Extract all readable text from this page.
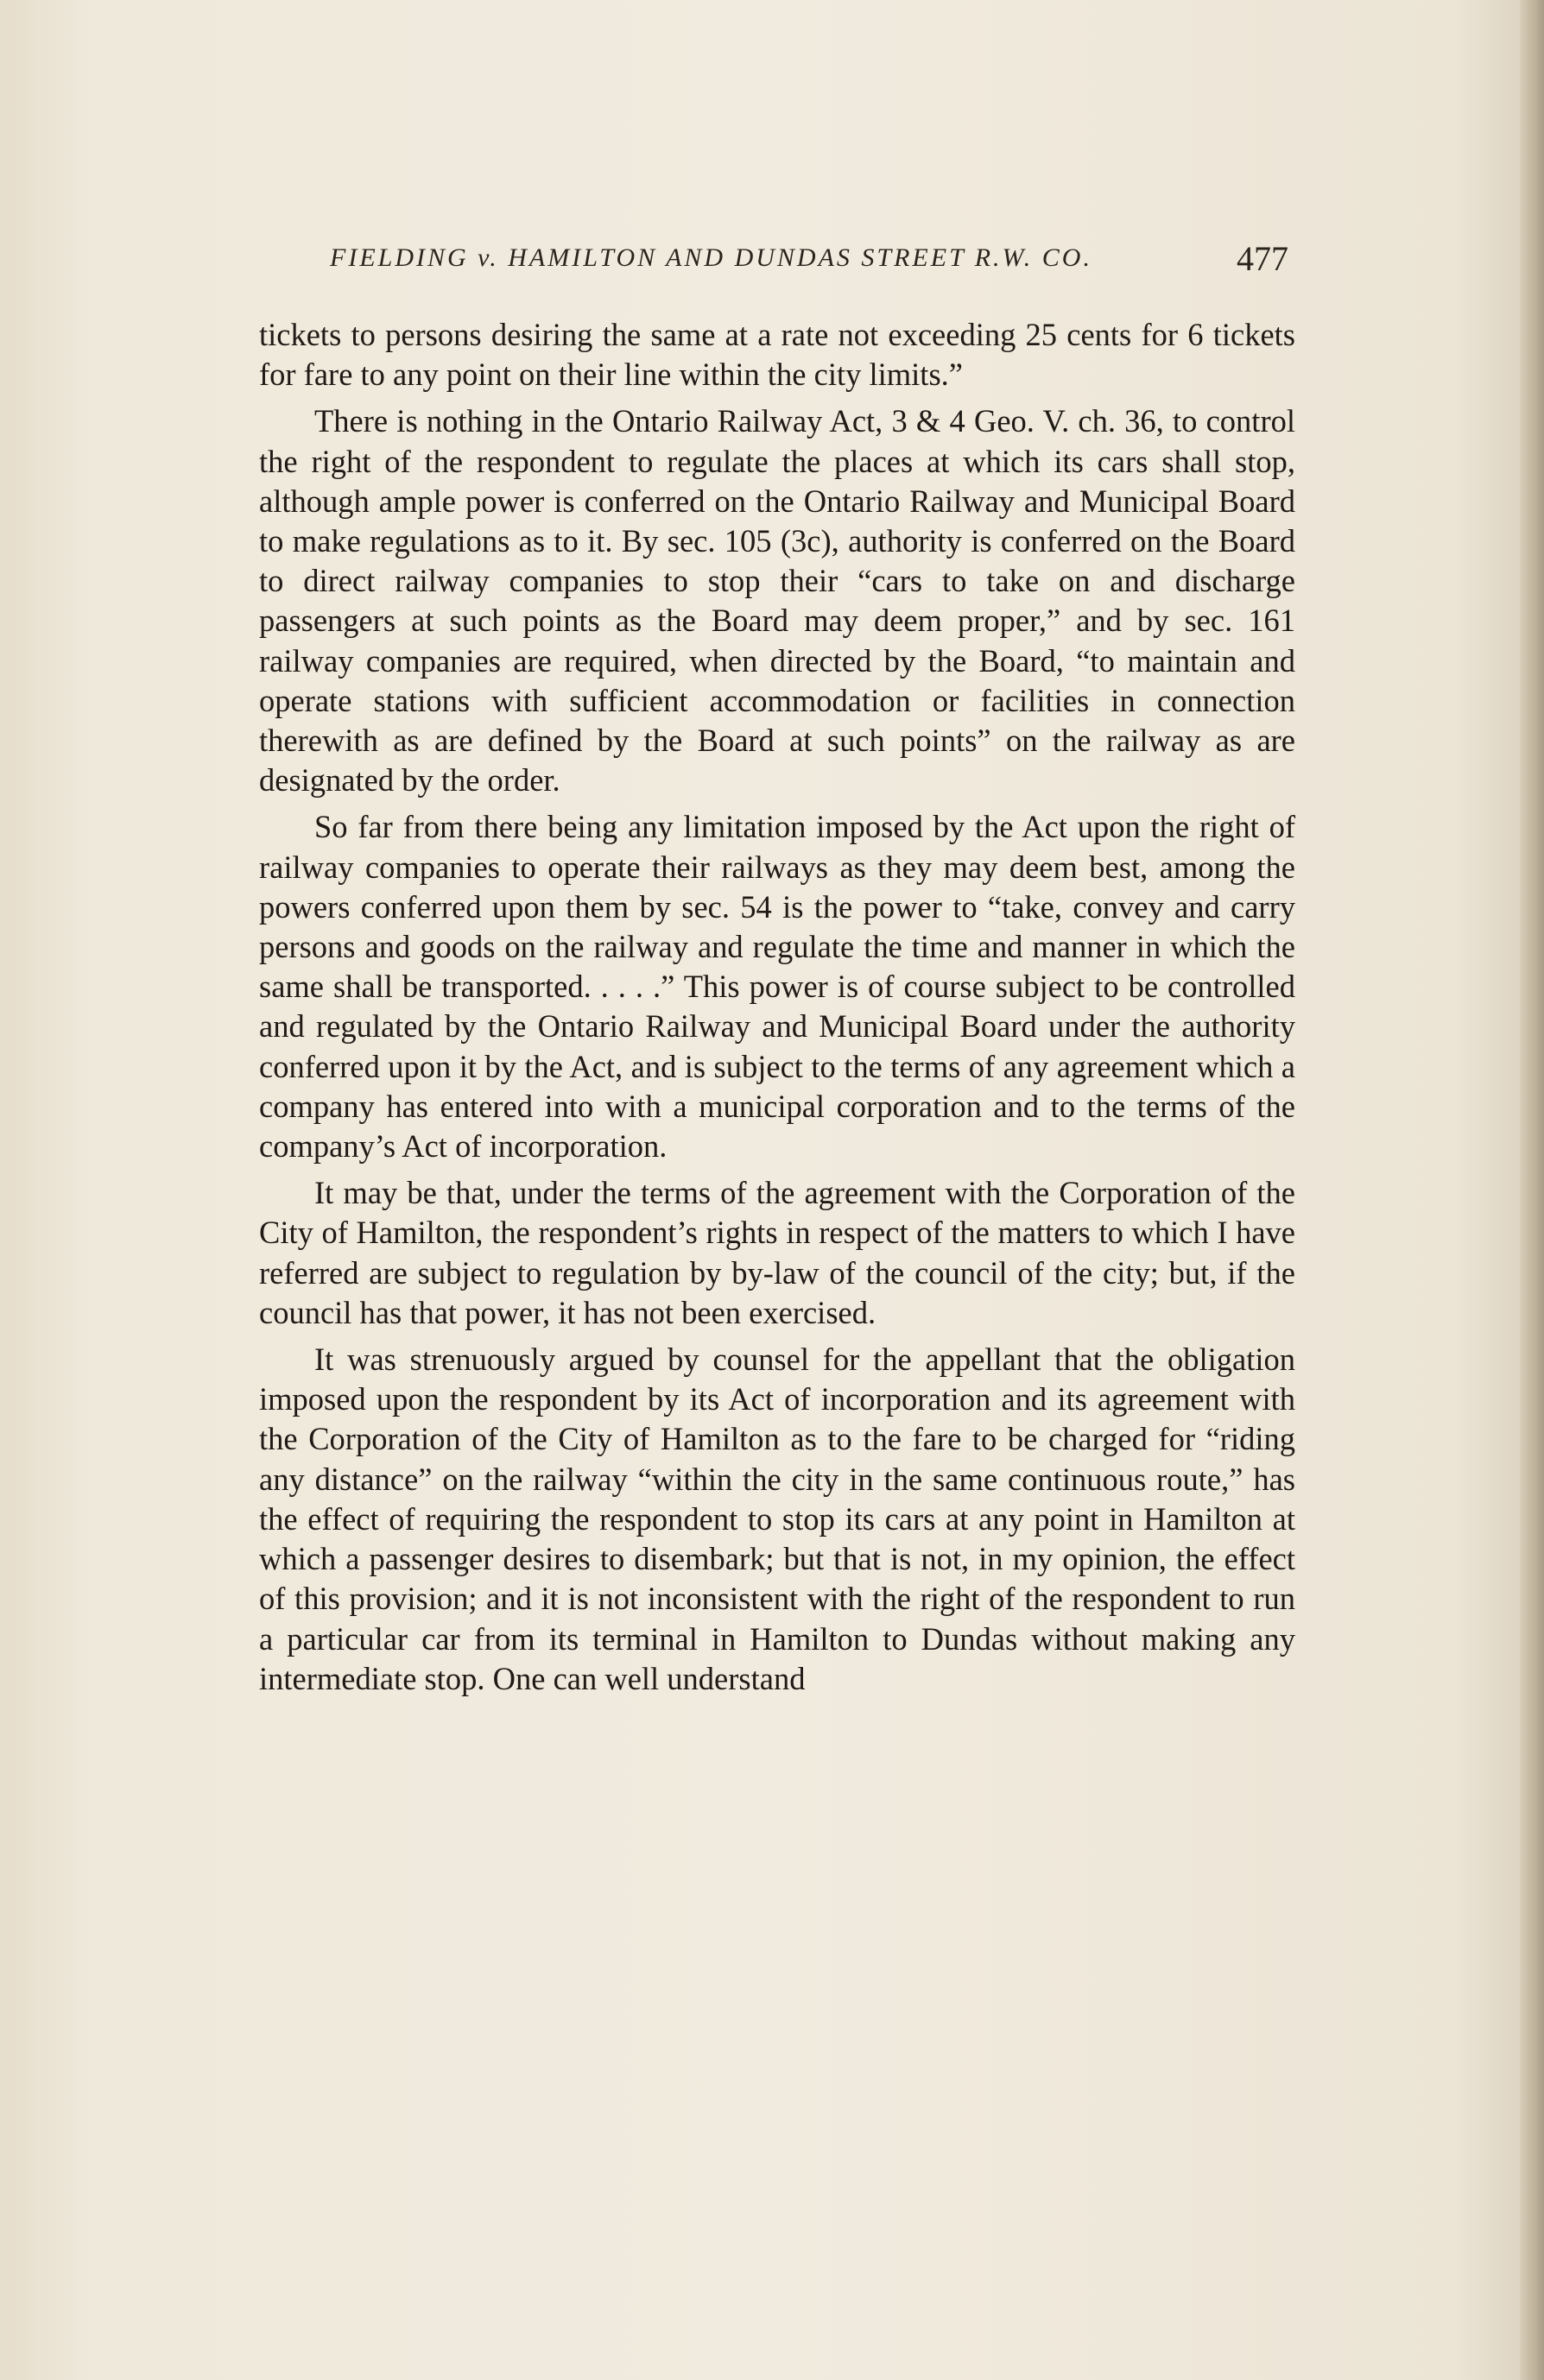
FIELDING v. HAMILTON AND DUNDAS STREET R.W. CO.	477

tickets to persons desiring the same at a rate not exceeding 25 cents for 6 tickets for fare to any point on their line within the city limits.”

There is nothing in the Ontario Railway Act, 3 & 4 Geo. V. ch. 36, to control the right of the respondent to regulate the places at which its cars shall stop, although ample power is conferred on the Ontario Railway and Municipal Board to make regulations as to it. By sec. 105 (3c), authority is conferred on the Board to direct railway companies to stop their “cars to take on and discharge passengers at such points as the Board may deem proper,” and by sec. 161 railway companies are required, when directed by the Board, “to maintain and operate stations with sufficient accommodation or facilities in connection therewith as are defined by the Board at such points” on the railway as are designated by the order.

So far from there being any limitation imposed by the Act upon the right of railway companies to operate their railways as they may deem best, among the powers conferred upon them by sec. 54 is the power to “take, convey and carry persons and goods on the railway and regulate the time and manner in which the same shall be transported. . . . .” This power is of course subject to be controlled and regulated by the Ontario Railway and Municipal Board under the authority conferred upon it by the Act, and is subject to the terms of any agreement which a company has entered into with a municipal corporation and to the terms of the company’s Act of incorporation.

It may be that, under the terms of the agreement with the Corporation of the City of Hamilton, the respondent’s rights in respect of the matters to which I have referred are subject to regulation by by-law of the council of the city; but, if the council has that power, it has not been exercised.

It was strenuously argued by counsel for the appellant that the obligation imposed upon the respondent by its Act of incorporation and its agreement with the Corporation of the City of Hamilton as to the fare to be charged for “riding any distance” on the railway “within the city in the same continuous route,” has the effect of requiring the respondent to stop its cars at any point in Hamilton at which a passenger desires to disembark; but that is not, in my opinion, the effect of this provision; and it is not inconsistent with the right of the respondent to run a particular car from its terminal in Hamilton to Dundas without making any intermediate stop. One can well understand
